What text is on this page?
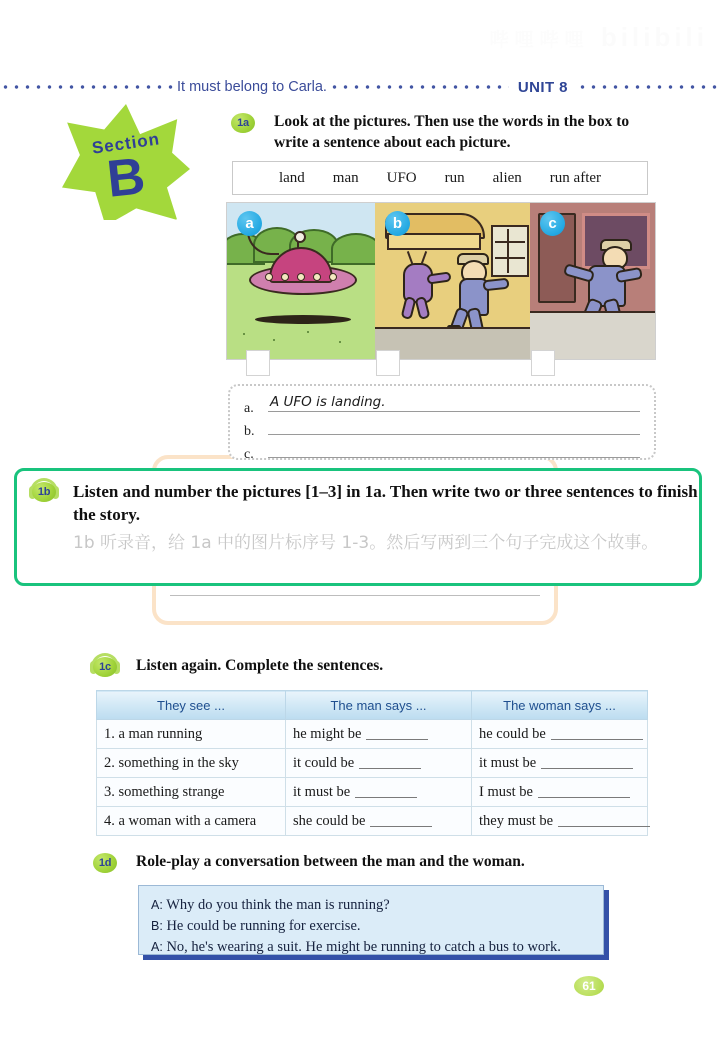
哔哩哔哩 bilibili
It must belong to Carla.	UNIT 8
Section
B
1a	Look at the pictures. Then use the words in the box to write a sentence about each picture.
land man UFO run alien run after
a	b	c
a.	A UFO is landing.
b.
c.
1b	Listen and number the pictures [1–3] in 1a. Then write two or three sentences to finish the story.
1b 听录音，给 1a 中的图片标序号 1-3。然后写两到三个句子完成这个故事。
1c	Listen again. Complete the sentences.
They see ...	The man says ...	The woman says ...
1. a man running	he might be	he could be
2. something in the sky	it could be	it must be
3. something strange	it must be	I must be
4. a woman with a camera	she could be	they must be
1d	Role-play a conversation between the man and the woman.
A: Why do you think the man is running?
B: He could be running for exercise.
A: No, he's wearing a suit. He might be running to catch a bus to work.
61
